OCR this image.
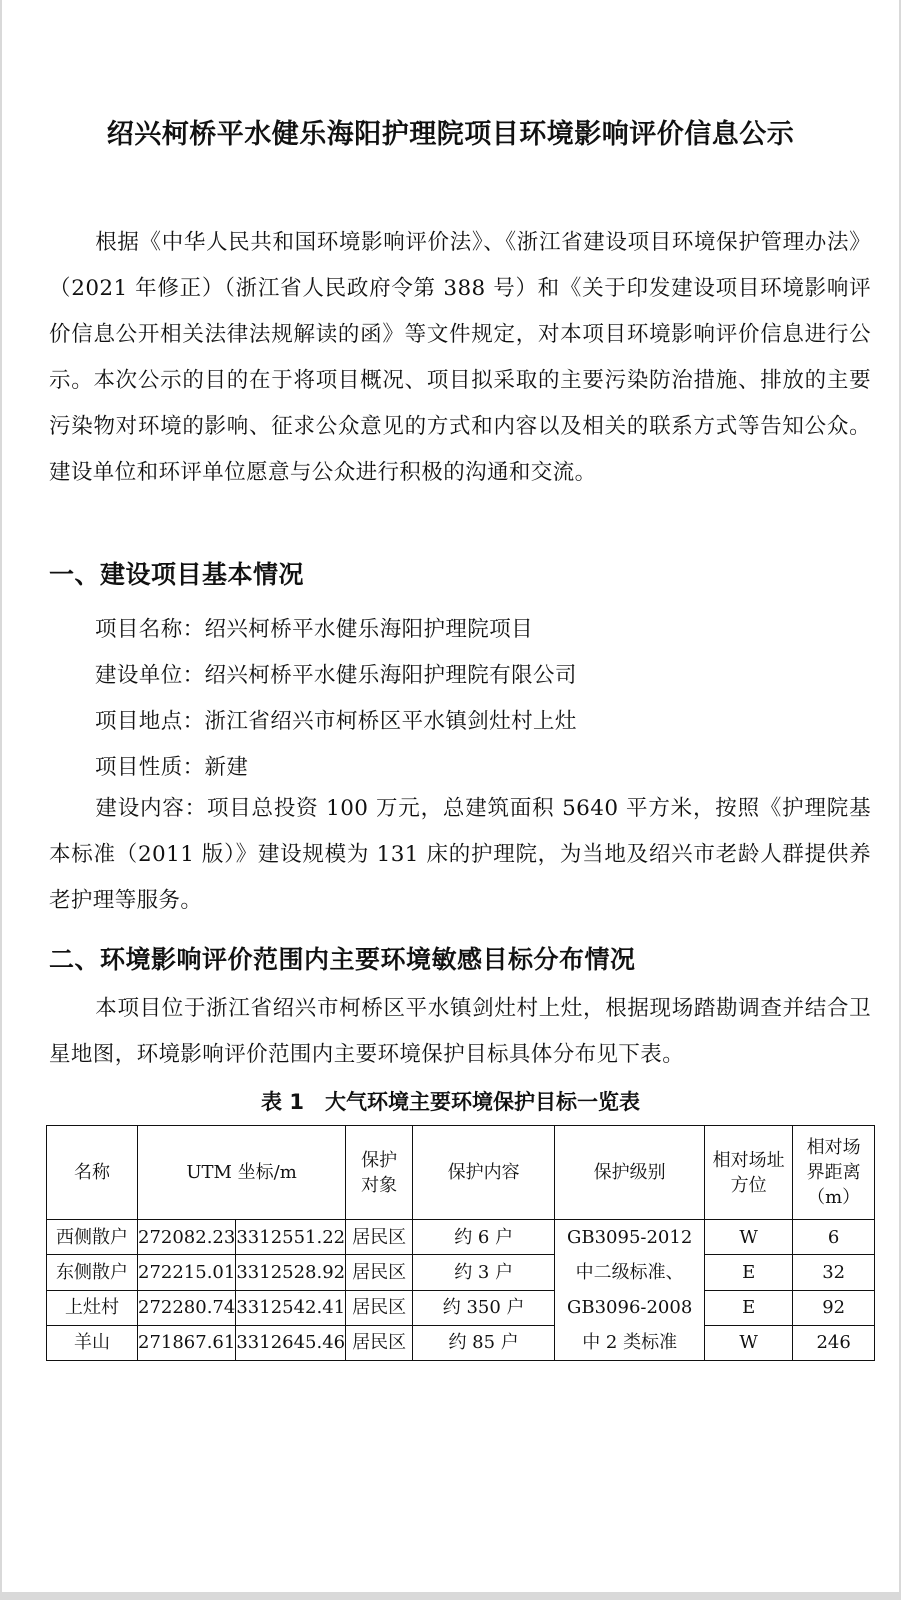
绍兴柯桥平水健乐海阳护理院项目环境影响评价信息公示
根据《中华人民共和国环境影响评价法》、《浙江省建设项目环境保护管理办法》（2021 年修正）（浙江省人民政府令第 388 号）和《关于印发建设项目环境影响评价信息公开相关法律法规解读的函》等文件规定，对本项目环境影响评价信息进行公示。本次公示的目的在于将项目概况、项目拟采取的主要污染防治措施、排放的主要污染物对环境的影响、征求公众意见的方式和内容以及相关的联系方式等告知公众。建设单位和环评单位愿意与公众进行积极的沟通和交流。
一、建设项目基本情况
项目名称：绍兴柯桥平水健乐海阳护理院项目
建设单位：绍兴柯桥平水健乐海阳护理院有限公司
项目地点：浙江省绍兴市柯桥区平水镇剑灶村上灶
项目性质：新建
建设内容：项目总投资 100 万元，总建筑面积 5640 平方米，按照《护理院基本标准（2011 版）》建设规模为 131 床的护理院，为当地及绍兴市老龄人群提供养老护理等服务。
二、环境影响评价范围内主要环境敏感目标分布情况
本项目位于浙江省绍兴市柯桥区平水镇剑灶村上灶，根据现场踏勘调查并结合卫星地图，环境影响评价范围内主要环境保护目标具体分布见下表。
表 1　大气环境主要环境保护目标一览表
名称	UTM 坐标/m		保护对象	保护内容	保护级别	相对场址方位	相对场界距离（m）
西侧散户	272082.23	3312551.22	居民区	约 6 户	GB3095-2012 中二级标准、GB3096-2008 中 2 类标准	W	6
东侧散户	272215.01	3312528.92	居民区	约 3 户		E	32
上灶村	272280.74	3312542.41	居民区	约 350 户		E	92
羊山	271867.61	3312645.46	居民区	约 85 户		W	246
